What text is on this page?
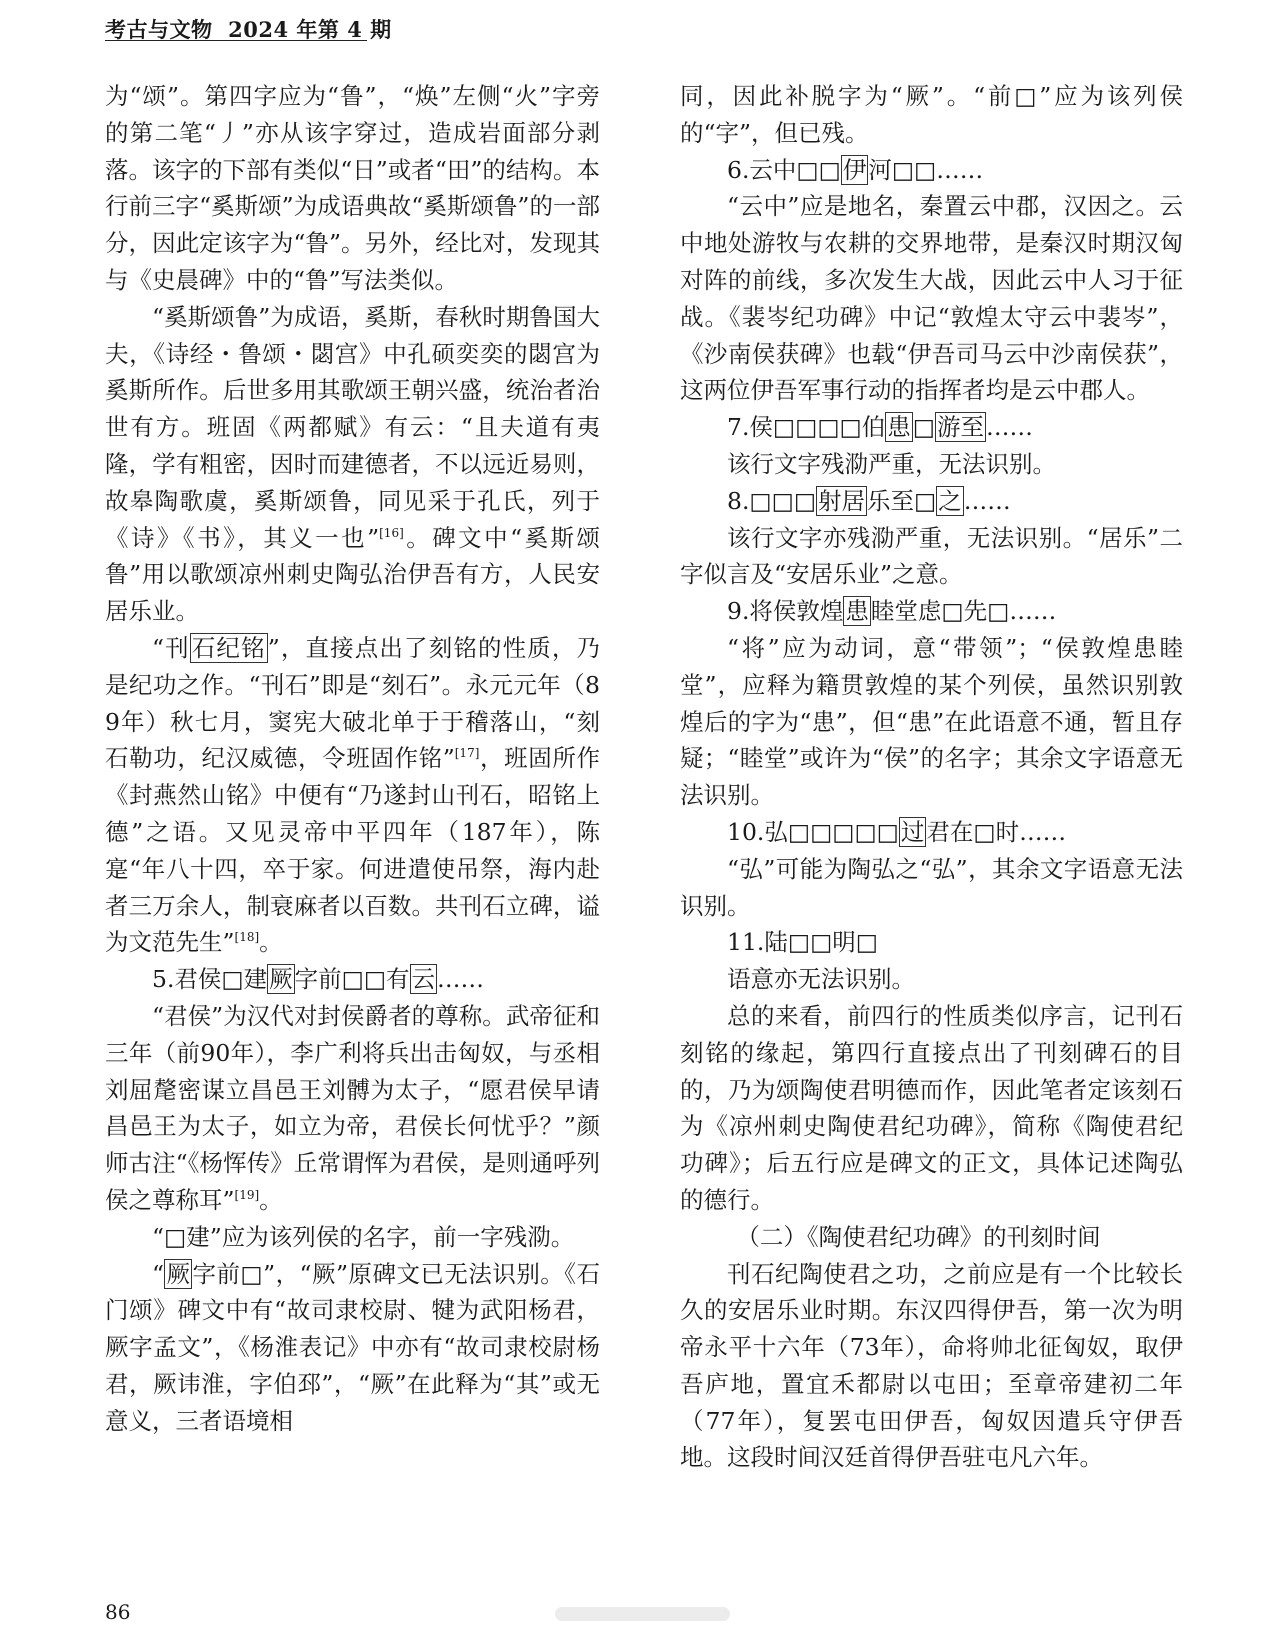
考古与文物 2024 年第 4 期

为“颂”。第四字应为“鲁”，“焕”左侧“火”字旁的第二笔“丿”亦从该字穿过，造成岩面部分剥落。该字的下部有类似“日”或者“田”的结构。本行前三字“奚斯颂”为成语典故“奚斯颂鲁”的一部分，因此定该字为“鲁”。另外，经比对，发现其与《史晨碑》中的“鲁”写法类似。

“奚斯颂鲁”为成语，奚斯，春秋时期鲁国大夫，《诗经・鲁颂・閟宫》中孔硕奕奕的閟宫为奚斯所作。后世多用其歌颂王朝兴盛，统治者治世有方。班固《两都赋》有云：“且夫道有夷隆，学有粗密，因时而建德者，不以远近易则，故皋陶歌虞，奚斯颂鲁，同见采于孔氏，列于《诗》《书》，其义一也”[16]。碑文中“奚斯颂鲁”用以歌颂凉州刺史陶弘治伊吾有方，人民安居乐业。

“刊石纪铭”，直接点出了刻铭的性质，乃是纪功之作。“刊石”即是“刻石”。永元元年（89年）秋七月，窦宪大破北单于于稽落山，“刻石勒功，纪汉威德，令班固作铭”[17]，班固所作《封燕然山铭》中便有“乃遂封山刊石，昭铭上德”之语。又见灵帝中平四年（187年），陈寔“年八十四，卒于家。何进遣使吊祭，海内赴者三万余人，制衰麻者以百数。共刊石立碑，谥为文范先生”[18]。

5.君侯□建厥字前□□有云……

“君侯”为汉代对封侯爵者的尊称。武帝征和三年（前90年），李广利将兵出击匈奴，与丞相刘屈氂密谋立昌邑王刘髆为太子，“愿君侯早请昌邑王为太子，如立为帝，君侯长何忧乎？”颜师古注“《杨恽传》丘常谓恽为君侯，是则通呼列侯之尊称耳”[19]。

“□建”应为该列侯的名字，前一字残泐。

“厥字前□”，“厥”原碑文已无法识别。《石门颂》碑文中有“故司隶校尉、犍为武阳杨君，厥字孟文”，《杨淮表记》中亦有“故司隶校尉杨君，厥讳淮，字伯邳”，“厥”在此释为“其”或无意义，三者语境相

同，因此补脱字为“厥”。“前□”应为该列侯的“字”，但已残。

6.云中□□伊河□□……

“云中”应是地名，秦置云中郡，汉因之。云中地处游牧与农耕的交界地带，是秦汉时期汉匈对阵的前线，多次发生大战，因此云中人习于征战。《裴岑纪功碑》中记“敦煌太守云中裴岑”，《沙南侯获碑》也载“伊吾司马云中沙南侯获”，这两位伊吾军事行动的指挥者均是云中郡人。

7.侯□□□□伯患□游至……

该行文字残泐严重，无法识别。

8.□□□射居乐至□之……

该行文字亦残泐严重，无法识别。“居乐”二字似言及“安居乐业”之意。

9.将侯敦煌患睦堂虑□先□……

“将”应为动词，意“带领”；“侯敦煌患睦堂”，应释为籍贯敦煌的某个列侯，虽然识别敦煌后的字为“患”，但“患”在此语意不通，暂且存疑；“睦堂”或许为“侯”的名字；其余文字语意无法识别。

10.弘□□□□□过君在□时……

“弘”可能为陶弘之“弘”，其余文字语意无法识别。

11.陆□□明□

语意亦无法识别。

总的来看，前四行的性质类似序言，记刊石刻铭的缘起，第四行直接点出了刊刻碑石的目的，乃为颂陶使君明德而作，因此笔者定该刻石为《凉州刺史陶使君纪功碑》，简称《陶使君纪功碑》；后五行应是碑文的正文，具体记述陶弘的德行。

（二）《陶使君纪功碑》的刊刻时间

刊石纪陶使君之功，之前应是有一个比较长久的安居乐业时期。东汉四得伊吾，第一次为明帝永平十六年（73年），命将帅北征匈奴，取伊吾庐地，置宜禾都尉以屯田；至章帝建初二年（77年），复罢屯田伊吾，匈奴因遣兵守伊吾地。这段时间汉廷首得伊吾驻屯凡六年。

86
